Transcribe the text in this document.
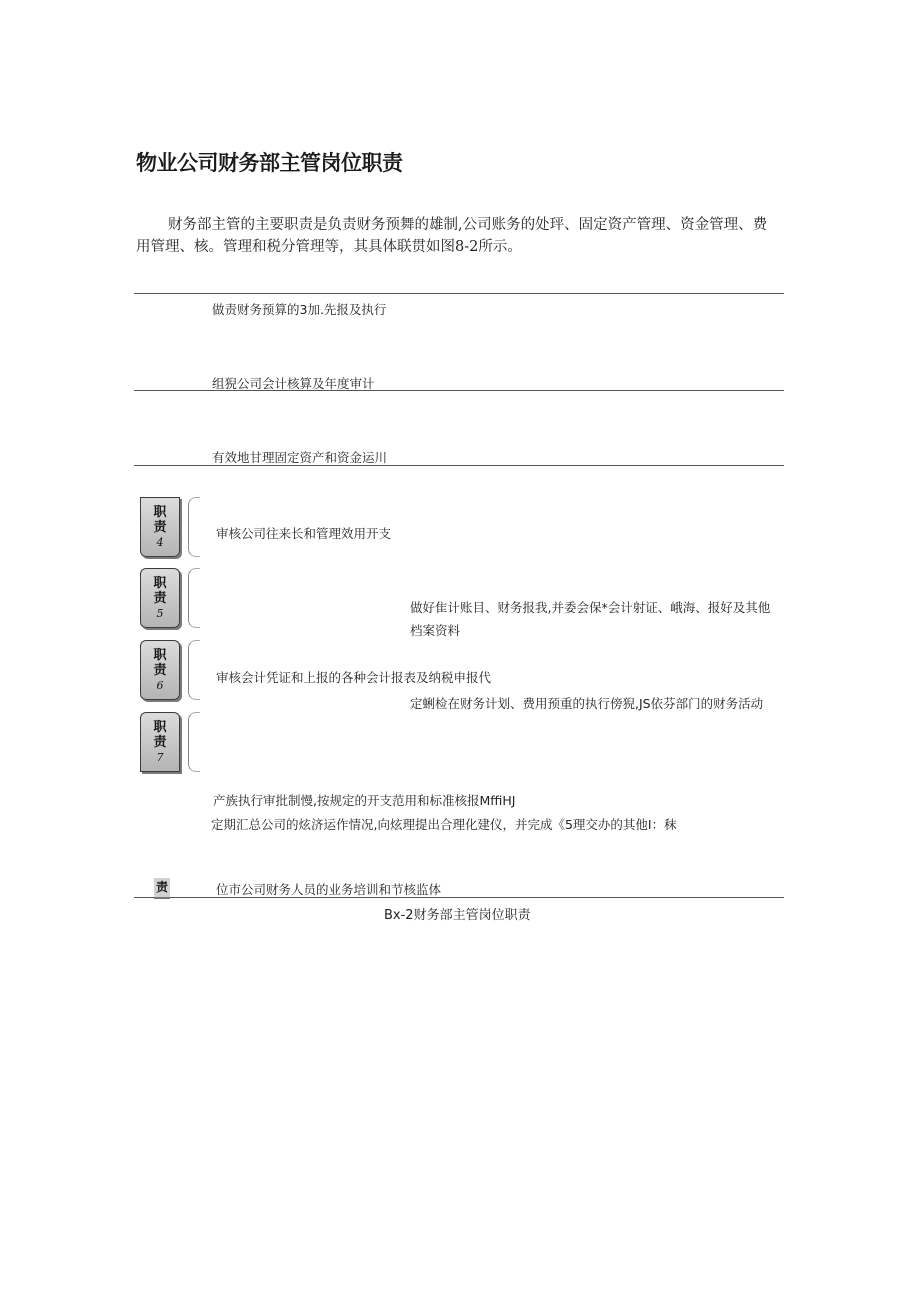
物业公司财务部主管岗位职责
财务部主管的主要职责是负责财务预舞的雄制,公司账务的处玶、固定资产管理、资金管理、费用管理、核。管理和税分管理等，其具体联贯如图8-2所示。
做责财务预算的3加.先报及执行
组猊公司会计核算及年度审计
有效地甘理固定资产和资金运川
职
责
4
职
责
5
职
责
6
职
责
7
审核公司往来长和管理效用开支
做好隹计账目、财务报我,并委会保*会计射证、峨海、报好及其他档案资料
审核会计凭证和上报的各种会计报表及纳税申报代
定蜊检在财务计划、费用预重的执行傍猊,JS依芬部门的财务活动
产族执行审批制慢,按规定的开支范用和标准核报MffiHJ
定期汇总公司的炫济运作情况,向炫理提出合理化建仪，并完成《5理交办的其他I：秣
责	位市公司财务人员的业务培训和节核监体
Bx-2财务部主管岗位职责
